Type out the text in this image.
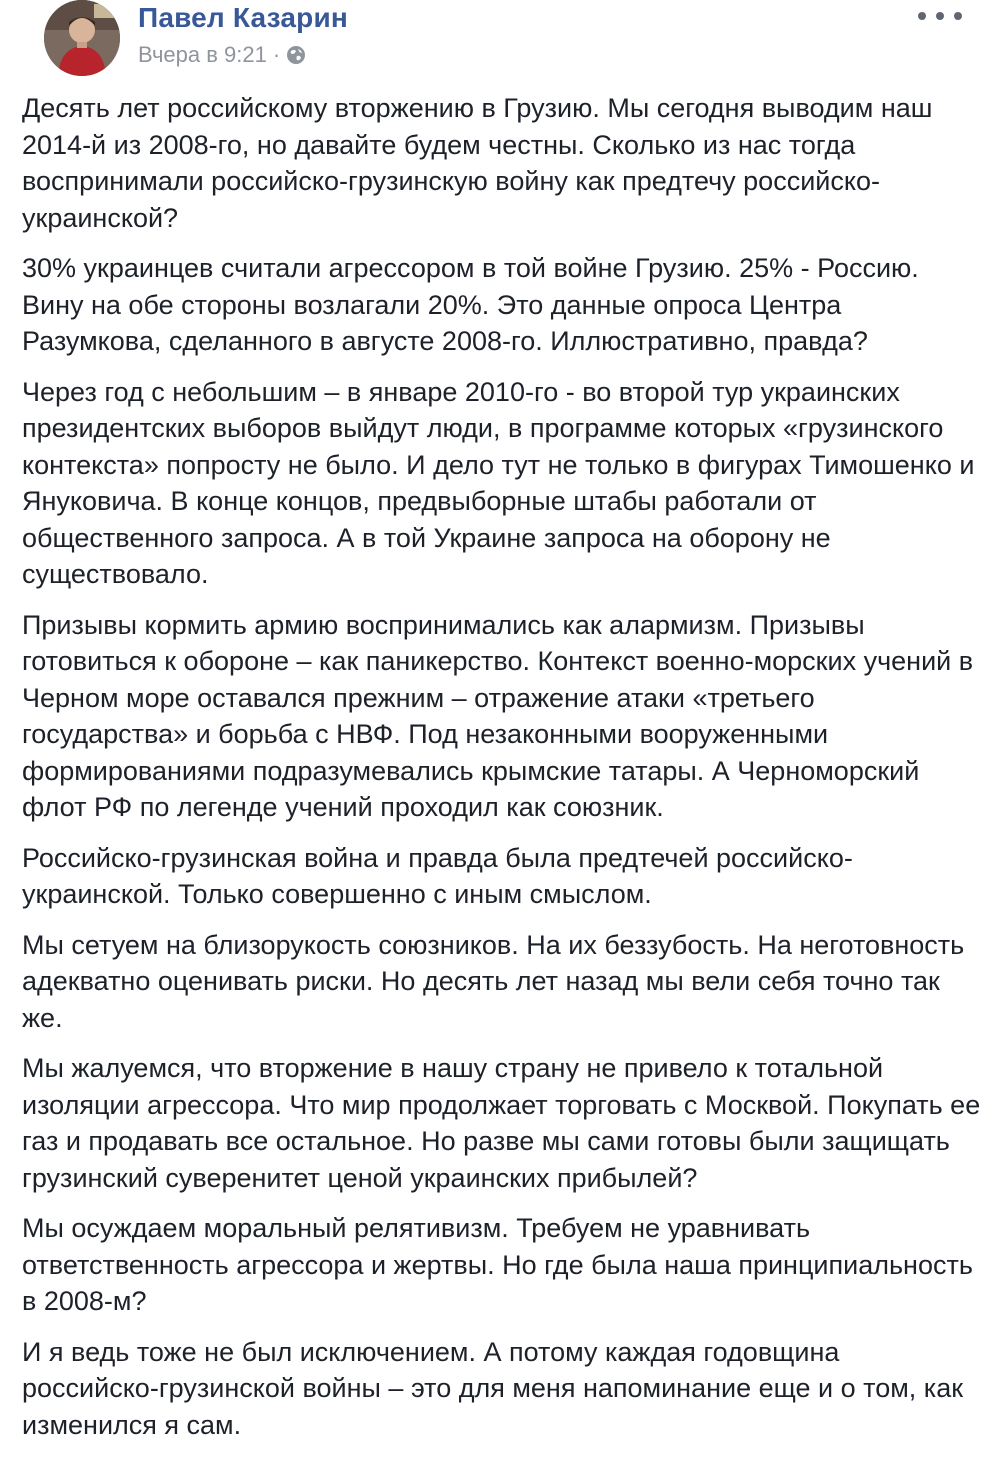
Павел Казарин
Вчера в 9:21 ·

Десять лет российскому вторжению в Грузию. Мы сегодня выводим наш 2014-й из 2008-го, но давайте будем честны. Сколько из нас тогда воспринимали российско-грузинскую войну как предтечу российско-украинской?

30% украинцев считали агрессором в той войне Грузию. 25% - Россию. Вину на обе стороны возлагали 20%. Это данные опроса Центра Разумкова, сделанного в августе 2008-го. Иллюстративно, правда?

Через год с небольшим – в январе 2010-го - во второй тур украинских президентских выборов выйдут люди, в программе которых «грузинского контекста» попросту не было. И дело тут не только в фигурах Тимошенко и Януковича. В конце концов, предвыборные штабы работали от общественного запроса. А в той Украине запроса на оборону не существовало.

Призывы кормить армию воспринимались как алармизм. Призывы готовиться к обороне – как паникерство. Контекст военно-морских учений в Черном море оставался прежним – отражение атаки «третьего государства» и борьба с НВФ. Под незаконными вооруженными формированиями подразумевались крымские татары. А Черноморский флот РФ по легенде учений проходил как союзник.

Российско-грузинская война и правда была предтечей российско-украинской. Только совершенно с иным смыслом.

Мы сетуем на близорукость союзников. На их беззубость. На неготовность адекватно оценивать риски. Но десять лет назад мы вели себя точно так же.

Мы жалуемся, что вторжение в нашу страну не привело к тотальной изоляции агрессора. Что мир продолжает торговать с Москвой. Покупать ее газ и продавать все остальное. Но разве мы сами готовы были защищать грузинский суверенитет ценой украинских прибылей?

Мы осуждаем моральный релятивизм. Требуем не уравнивать ответственность агрессора и жертвы. Но где была наша принципиальность в 2008-м?

И я ведь тоже не был исключением. А потому каждая годовщина российско-грузинской войны – это для меня напоминание еще и о том, как изменился я сам.
